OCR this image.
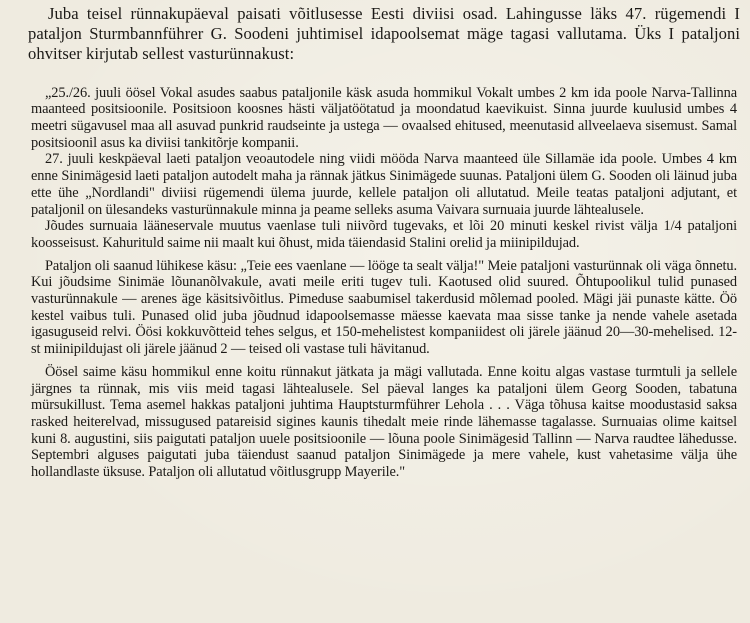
Juba teisel rünnakupäeval paisati võitlusesse Eesti diviisi osad. Lahingusse läks 47. rügemendi I pataljon Sturmbannführer G. Soodeni juhtimisel idapoolsemat mäge tagasi vallutama. Üks I pataljoni ohvitser kirjutab sellest vasturünnakust:

„25./26. juuli öösel Vokal asudes saabus pataljonile käsk asuda hommikul Vokalt umbes 2 km ida poole Narva-Tallinna maanteed positsioonile. Positsioon koosnes hästi väljatöötatud ja moondatud kaevikuist. Sinna juurde kuulusid umbes 4 meetri sügavusel maa all asuvad punkrid raudseinte ja ustega — ovaalsed ehitused, meenutasid allveelaeva sisemust. Samal positsioonil asus ka diviisi tankitõrje kompanii.

27. juuli keskpäeval laeti pataljon veoautodele ning viidi mööda Narva maanteed üle Sillamäe ida poole. Umbes 4 km enne Sinimägesid laeti pataljon autodelt maha ja rännak jätkus Sinimägede suunas. Pataljoni ülem G. Sooden oli läinud juba ette ühe „Nordlandi" diviisi rügemendi ülema juurde, kellele pataljon oli allutatud. Meile teatas pataljoni adjutant, et pataljonil on ülesandeks vasturünnakule minna ja peame selleks asuma Vaivara surnuaia juurde lähtealusele.

Jõudes surnuaia lääneservale muutus vaenlase tuli niivõrd tugevaks, et lõi 20 minuti keskel rivist välja 1/4 pataljoni koosseisust. Kahurituld saime nii maalt kui õhust, mida täiendasid Stalini orelid ja miinipildujad.

Pataljon oli saanud lühikese käsu: „Teie ees vaenlane — lööge ta sealt välja!" Meie pataljoni vasturünnak oli väga õnnetu. Kui jõudsime Sinimäe lõunanõlvakule, avati meile eriti tugev tuli. Kaotused olid suured. Õhtupoolikul tulid punased vasturünnakule — arenes äge käsitsivõitlus. Pimeduse saabumisel takerdusid mõlemad pooled. Mägi jäi punaste kätte. Öö kestel vaibus tuli. Punased olid juba jõudnud idapoolsemasse mäesse kaevata maa sisse tanke ja nende vahele asetada igasuguseid relvi. Öösi kokkuvõtteid tehes selgus, et 150-mehelistest kompaniidest oli järele jäänud 20—30-mehelised. 12-st miinipildujast oli järele jäänud 2 — teised oli vastase tuli hävitanud.

Öösel saime käsu hommikul enne koitu rünnakut jätkata ja mägi vallutada. Enne koitu algas vastase turmtuli ja sellele järgnes ta rünnak, mis viis meid tagasi lähtealusele. Sel päeval langes ka pataljoni ülem Georg Sooden, tabatuna mürsukillust. Tema asemel hakkas pataljoni juhtima Hauptsturmführer Lehola . . . Väga tõhusa kaitse moodustasid saksa rasked heiterelvad, missugused patareisid sigines kaunis tihedalt meie rinde lähemasse tagalasse. Surnuaias olime kaitsel kuni 8. augustini, siis paigutati pataljon uuele positsioonile — lõuna poole Sinimägesid Tallinn — Narva raudtee lähedusse. Septembri alguses paigutati juba täiendust saanud pataljon Sinimägede ja mere vahele, kust vahetasime välja ühe hollandlaste üksuse. Pataljon oli allutatud võitlusgrupp Mayerile."
